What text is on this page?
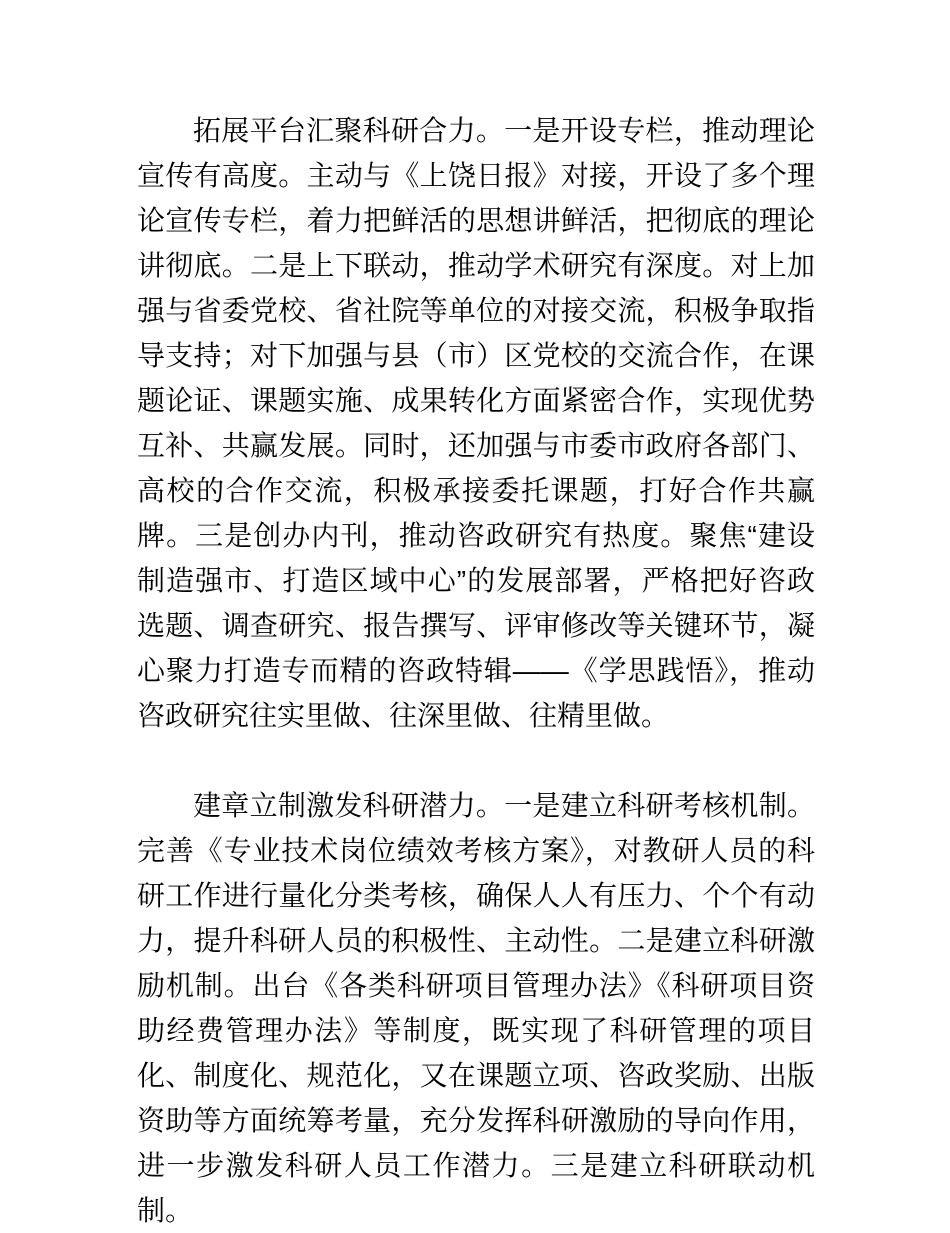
拓展平台汇聚科研合力。一是开设专栏，推动理论宣传有高度。主动与《上饶日报》对接，开设了多个理论宣传专栏，着力把鲜活的思想讲鲜活，把彻底的理论讲彻底。二是上下联动，推动学术研究有深度。对上加强与省委党校、省社院等单位的对接交流，积极争取指导支持；对下加强与县（市）区党校的交流合作，在课题论证、课题实施、成果转化方面紧密合作，实现优势互补、共赢发展。同时，还加强与市委市政府各部门、高校的合作交流，积极承接委托课题，打好合作共赢牌。三是创办内刊，推动咨政研究有热度。聚焦“建设制造强市、打造区域中心”的发展部署，严格把好咨政选题、调查研究、报告撰写、评审修改等关键环节，凝心聚力打造专而精的咨政特辑——《学思践悟》，推动咨政研究往实里做、往深里做、往精里做。

建章立制激发科研潜力。一是建立科研考核机制。完善《专业技术岗位绩效考核方案》，对教研人员的科研工作进行量化分类考核，确保人人有压力、个个有动力，提升科研人员的积极性、主动性。二是建立科研激励机制。出台《各类科研项目管理办法》《科研项目资助经费管理办法》等制度，既实现了科研管理的项目化、制度化、规范化，又在课题立项、咨政奖励、出版资助等方面统筹考量，充分发挥科研激励的导向作用，进一步激发科研人员工作潜力。三是建立科研联动机制。
